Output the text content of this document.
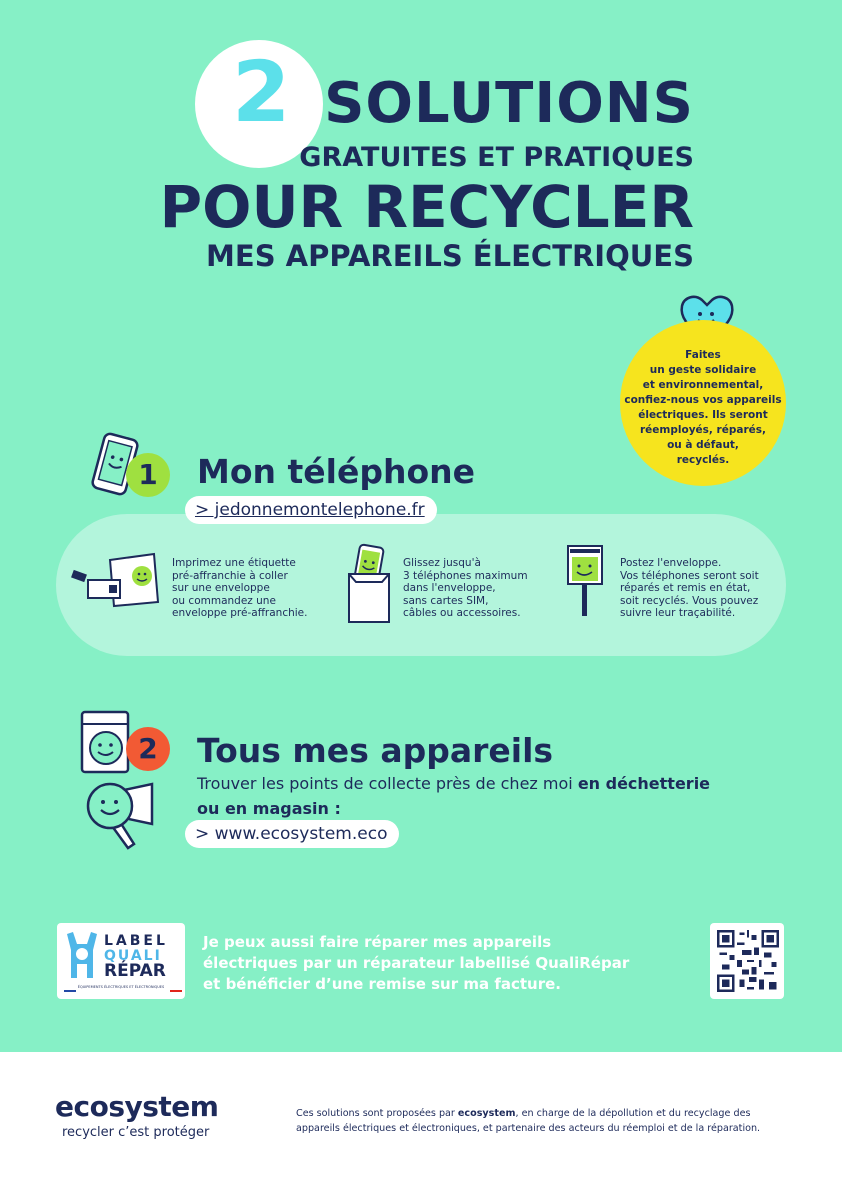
2 SOLUTIONS
GRATUITES ET PRATIQUES
POUR RECYCLER
MES APPAREILS ÉLECTRIQUES
Faites
un geste solidaire
et environnemental,
confiez-nous vos appareils
électriques. Ils seront
réemployés, réparés,
ou à défaut,
recyclés.
1	Mon téléphone
> jedonnemontelephone.fr
Imprimez une étiquette
pré-affranchie à coller
sur une enveloppe
ou commandez une
enveloppe pré-affranchie.
Glissez jusqu'à
3 téléphones maximum
dans l'enveloppe,
sans cartes SIM,
câbles ou accessoires.
Postez l'enveloppe.
Vos téléphones seront soit
réparés et remis en état,
soit recyclés. Vous pouvez
suivre leur traçabilité.
2	Tous mes appareils
Trouver les points de collecte près de chez moi en déchetterie
ou en magasin :
> www.ecosystem.eco
LABEL
QUALI
RÉPAR
ÉQUIPEMENTS ÉLECTRIQUES ET ÉLECTRONIQUES
Je peux aussi faire réparer mes appareils
électriques par un réparateur labellisé QualiRépar
et bénéficier d’une remise sur ma facture.
ecosystem
recycler c’est protéger
Ces solutions sont proposées par ecosystem, en charge de la dépollution et du recyclage des appareils électriques et électroniques, et partenaire des acteurs du réemploi et de la réparation.
